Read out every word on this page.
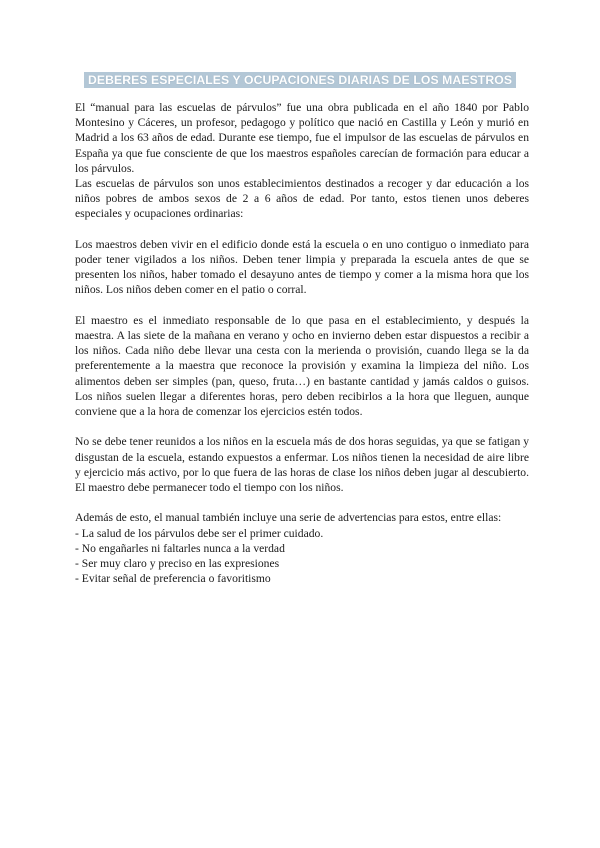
DEBERES ESPECIALES Y OCUPACIONES DIARIAS DE LOS MAESTROS

El “manual para las escuelas de párvulos” fue una obra publicada en el año 1840 por Pablo Montesino y Cáceres, un profesor, pedagogo y político que nació en Castilla y León y murió en Madrid a los 63 años de edad. Durante ese tiempo, fue el impulsor de las escuelas de párvulos en España ya que fue consciente de que los maestros españoles carecían de formación para educar a los párvulos.

Las escuelas de párvulos son unos establecimientos destinados a recoger y dar educación a los niños pobres de ambos sexos de 2 a 6 años de edad. Por tanto, estos tienen unos deberes especiales y ocupaciones ordinarias:

Los maestros deben vivir en el edificio donde está la escuela o en uno contiguo o inmediato para poder tener vigilados a los niños. Deben tener limpia y preparada la escuela antes de que se presenten los niños, haber tomado el desayuno antes de tiempo y comer a la misma hora que los niños. Los niños deben comer en el patio o corral.

El maestro es el inmediato responsable de lo que pasa en el establecimiento, y después la maestra. A las siete de la mañana en verano y ocho en invierno deben estar dispuestos a recibir a los niños. Cada niño debe llevar una cesta con la merienda o provisión, cuando llega se la da preferentemente a la maestra que reconoce la provisión y examina la limpieza del niño. Los alimentos deben ser simples (pan, queso, fruta…) en bastante cantidad y jamás caldos o guisos. Los niños suelen llegar a diferentes horas, pero deben recibirlos a la hora que lleguen, aunque conviene que a la hora de comenzar los ejercicios estén todos.

No se debe tener reunidos a los niños en la escuela más de dos horas seguidas, ya que se fatigan y disgustan de la escuela, estando expuestos a enfermar. Los niños tienen la necesidad de aire libre y ejercicio más activo, por lo que fuera de las horas de clase los niños deben jugar al descubierto. El maestro debe permanecer todo el tiempo con los niños.

Además de esto, el manual también incluye una serie de advertencias para estos, entre ellas:

- La salud de los párvulos debe ser el primer cuidado.
- No engañarles ni faltarles nunca a la verdad
- Ser muy claro y preciso en las expresiones
- Evitar señal de preferencia o favoritismo
